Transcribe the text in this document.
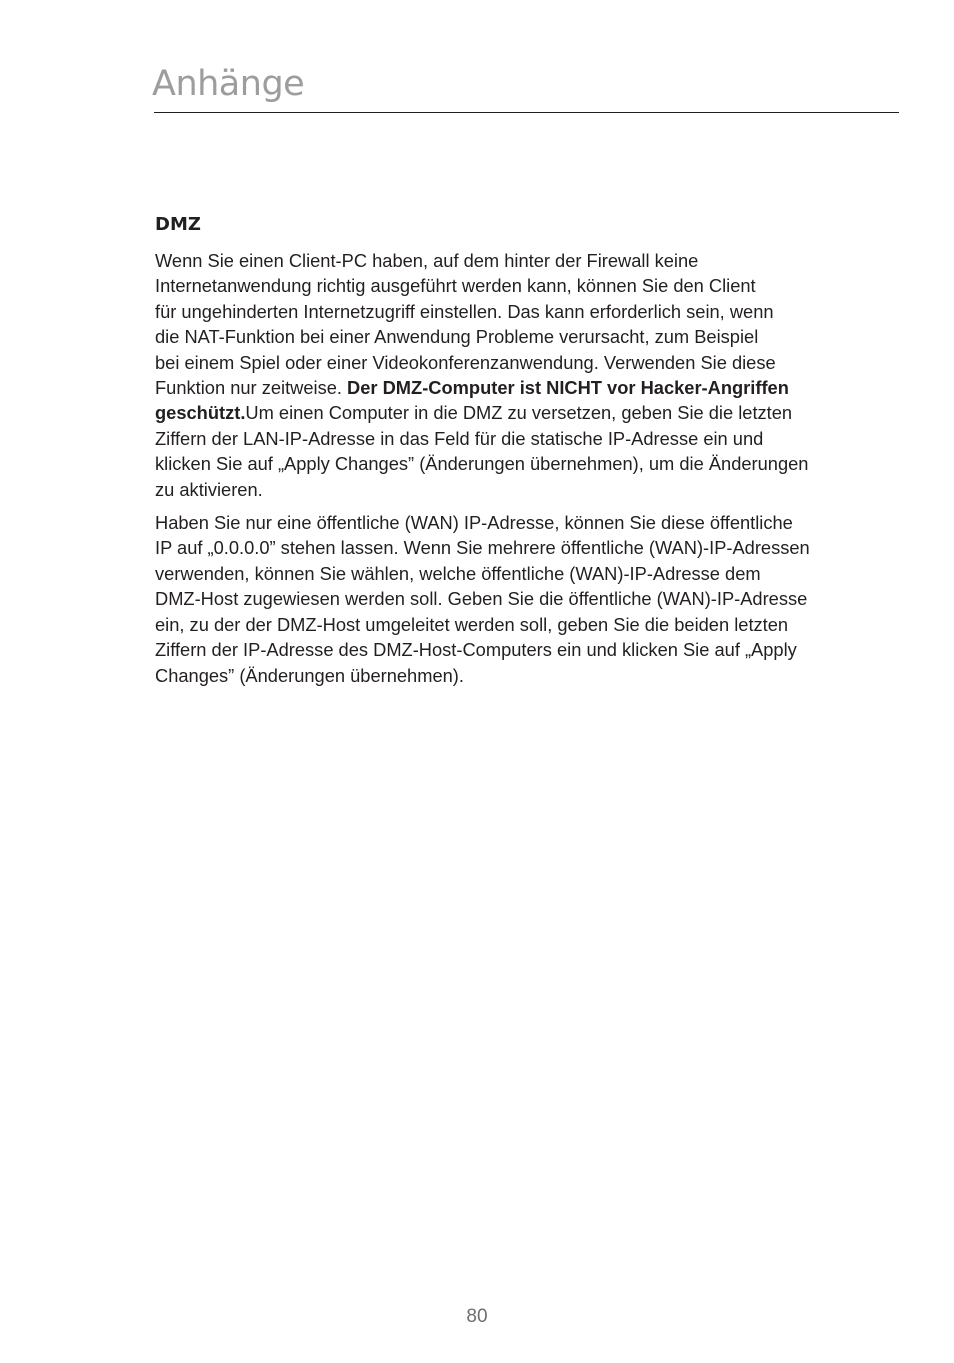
Anhänge
DMZ

Wenn Sie einen Client-PC haben, auf dem hinter der Firewall keine
Internetanwendung richtig ausgeführt werden kann, können Sie den Client
für ungehinderten Internetzugriff einstellen. Das kann erforderlich sein, wenn
die NAT-Funktion bei einer Anwendung Probleme verursacht, zum Beispiel
bei einem Spiel oder einer Videokonferenzanwendung. Verwenden Sie diese
Funktion nur zeitweise. Der DMZ-Computer ist NICHT vor Hacker-Angriffen
geschützt.Um einen Computer in die DMZ zu versetzen, geben Sie die letzten
Ziffern der LAN-IP-Adresse in das Feld für die statische IP-Adresse ein und
klicken Sie auf „Apply Changes” (Änderungen übernehmen), um die Änderungen
zu aktivieren.

Haben Sie nur eine öffentliche (WAN) IP-Adresse, können Sie diese öffentliche
IP auf „0.0.0.0” stehen lassen. Wenn Sie mehrere öffentliche (WAN)-IP-Adressen
verwenden, können Sie wählen, welche öffentliche (WAN)-IP-Adresse dem
DMZ-Host zugewiesen werden soll. Geben Sie die öffentliche (WAN)-IP-Adresse
ein, zu der der DMZ-Host umgeleitet werden soll, geben Sie die beiden letzten
Ziffern der IP-Adresse des DMZ-Host-Computers ein und klicken Sie auf „Apply
Changes” (Änderungen übernehmen).

80
